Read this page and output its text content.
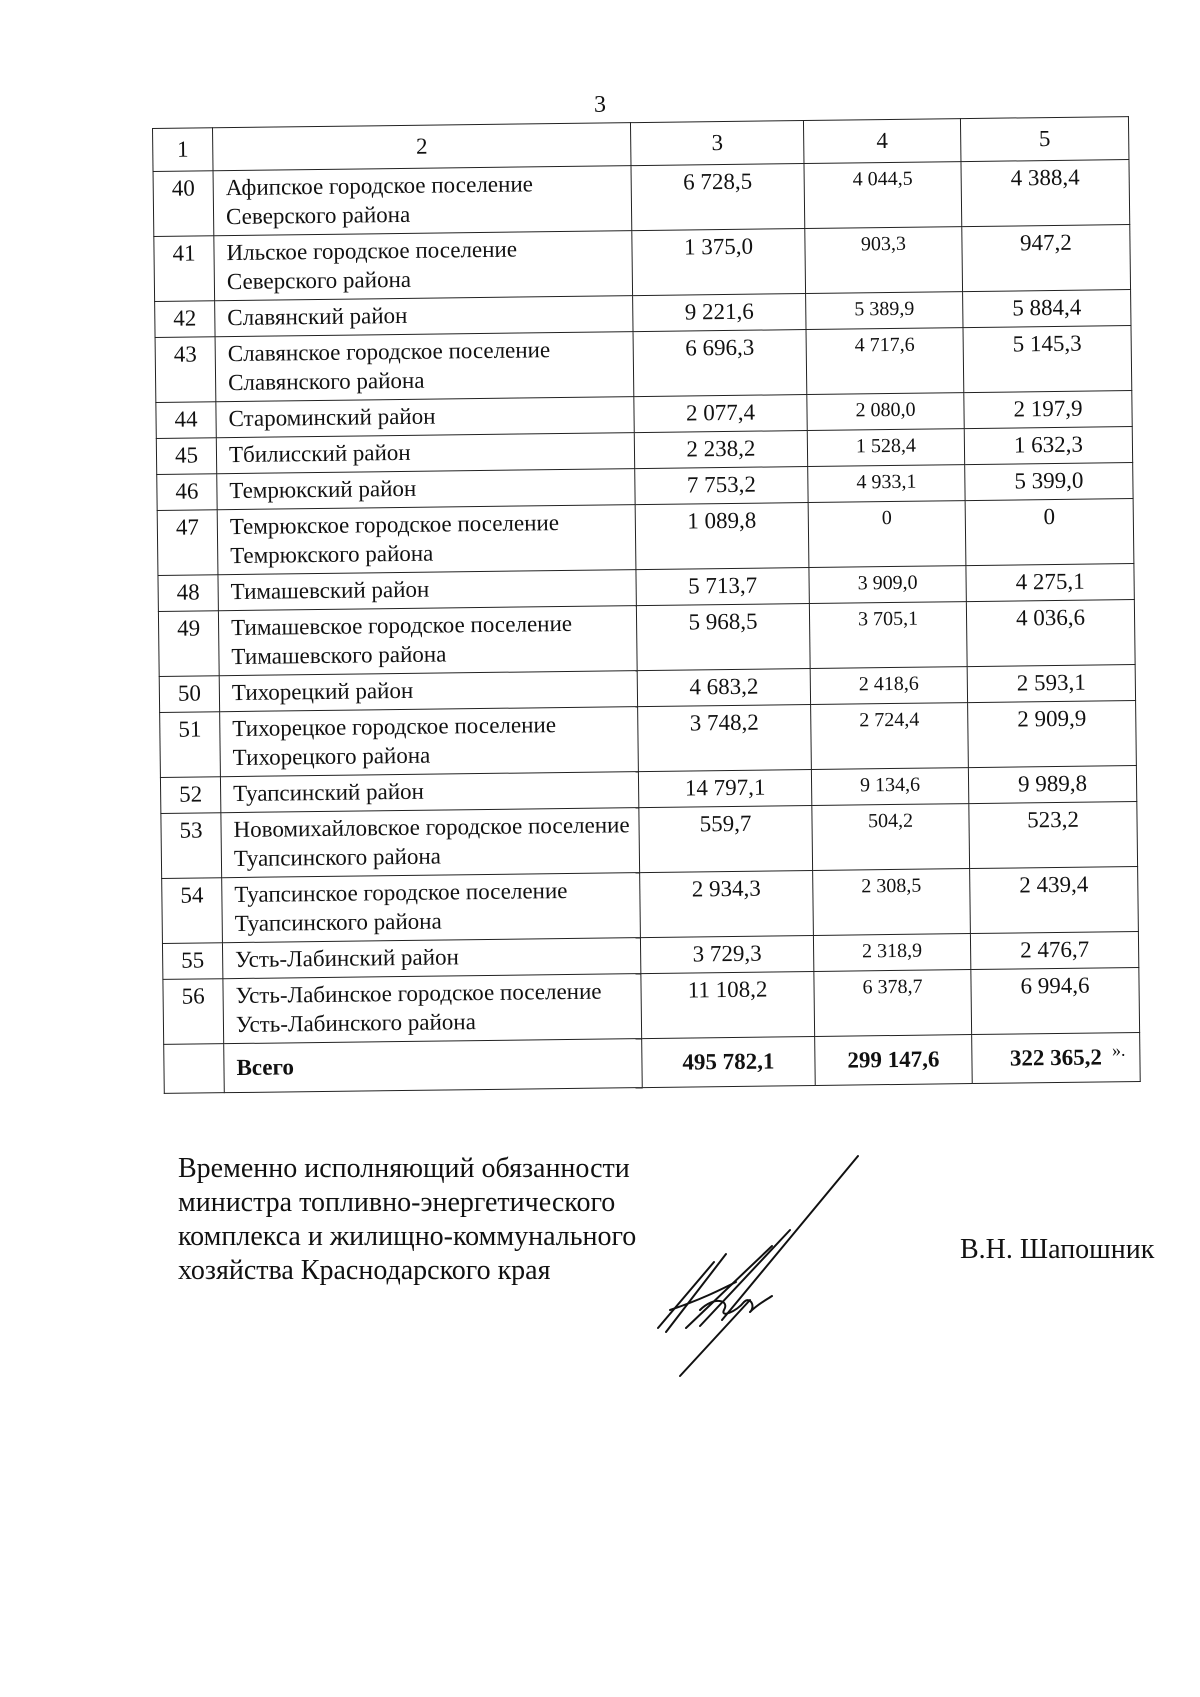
3
1	2	3	4	5
40	Афипское городское поселение Северского района	6 728,5	4 044,5	4 388,4
41	Ильское городское поселение Северского района	1 375,0	903,3	947,2
42	Славянский район	9 221,6	5 389,9	5 884,4
43	Славянское городское поселение Славянского района	6 696,3	4 717,6	5 145,3
44	Староминский район	2 077,4	2 080,0	2 197,9
45	Тбилисский район	2 238,2	1 528,4	1 632,3
46	Темрюкский район	7 753,2	4 933,1	5 399,0
47	Темрюкское городское поселение Темрюкского района	1 089,8	0	0
48	Тимашевский район	5 713,7	3 909,0	4 275,1
49	Тимашевское городское поселение Тимашевского района	5 968,5	3 705,1	4 036,6
50	Тихорецкий район	4 683,2	2 418,6	2 593,1
51	Тихорецкое городское поселение Тихорецкого района	3 748,2	2 724,4	2 909,9
52	Туапсинский район	14 797,1	9 134,6	9 989,8
53	Новомихайловское городское поселение Туапсинского района	559,7	504,2	523,2
54	Туапсинское городское поселение Туапсинского района	2 934,3	2 308,5	2 439,4
55	Усть-Лабинский район	3 729,3	2 318,9	2 476,7
56	Усть-Лабинское городское поселение Усть-Лабинского района	11 108,2	6 378,7	6 994,6
	Всего	495 782,1	299 147,6	322 365,2 ».
Временно исполняющий обязанности
министра топливно-энергетического
комплекса и жилищно-коммунального
хозяйства Краснодарского края
В.Н. Шапошник
